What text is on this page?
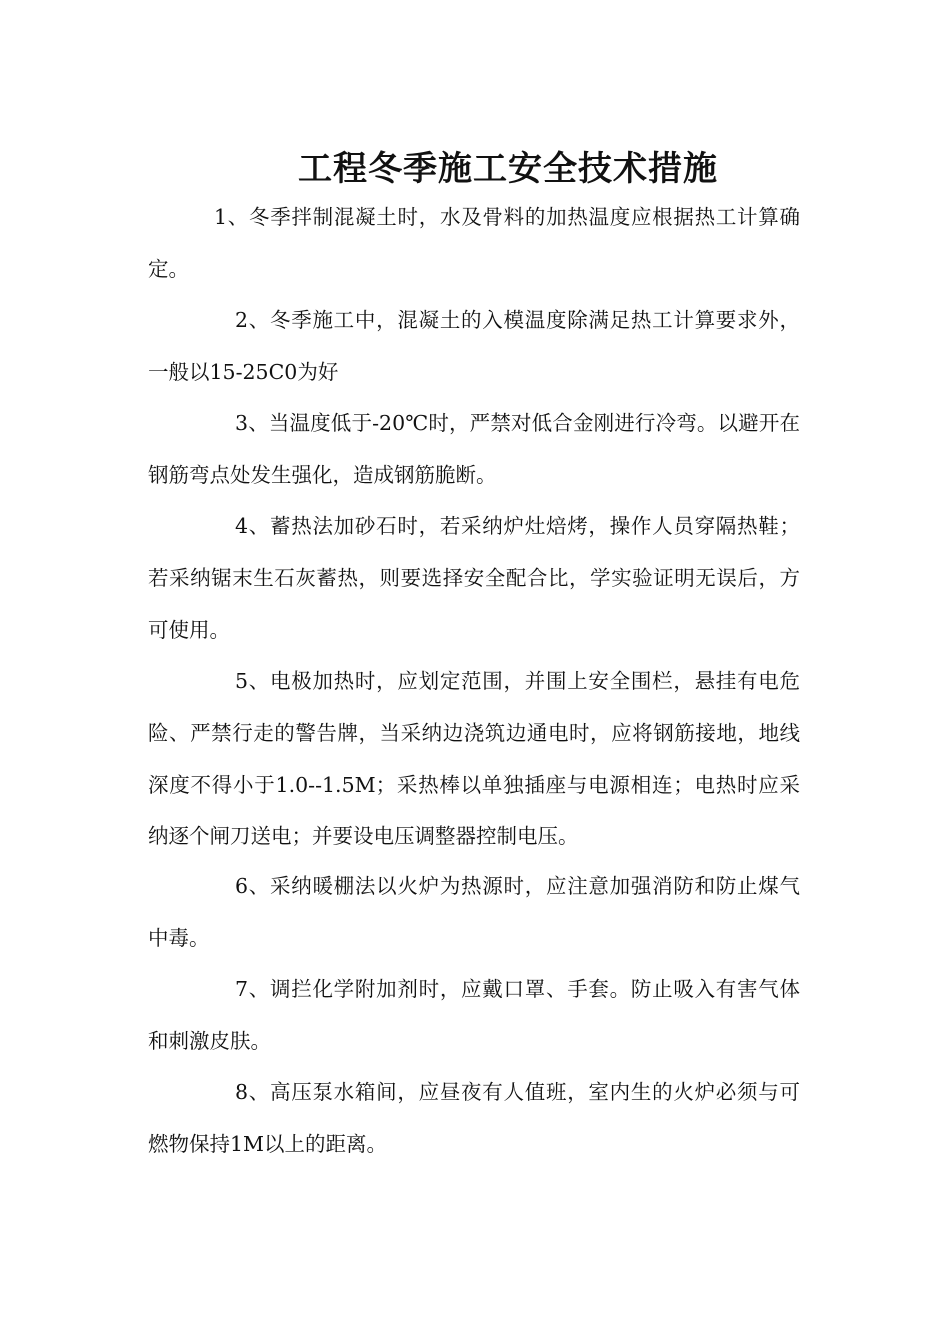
工程冬季施工安全技术措施

1、冬季拌制混凝土时，水及骨料的加热温度应根据热工计算确定。

2、冬季施工中，混凝土的入模温度除满足热工计算要求外，一般以15-25C0为好

3、当温度低于-20℃时，严禁对低合金刚进行冷弯。以避开在钢筋弯点处发生强化，造成钢筋脆断。

4、蓄热法加砂石时，若采纳炉灶焙烤，操作人员穿隔热鞋；若采纳锯末生石灰蓄热，则要选择安全配合比，学实验证明无误后，方可使用。

5、电极加热时，应划定范围，并围上安全围栏，悬挂有电危险、严禁行走的警告牌，当采纳边浇筑边通电时，应将钢筋接地，地线深度不得小于1.0--1.5M；采热棒以单独插座与电源相连；电热时应采纳逐个闸刀送电；并要设电压调整器控制电压。

6、采纳暖棚法以火炉为热源时，应注意加强消防和防止煤气中毒。

7、调拦化学附加剂时，应戴口罩、手套。防止吸入有害气体和刺激皮肤。

8、高压泵水箱间，应昼夜有人值班，室内生的火炉必须与可燃物保持1M以上的距离。
